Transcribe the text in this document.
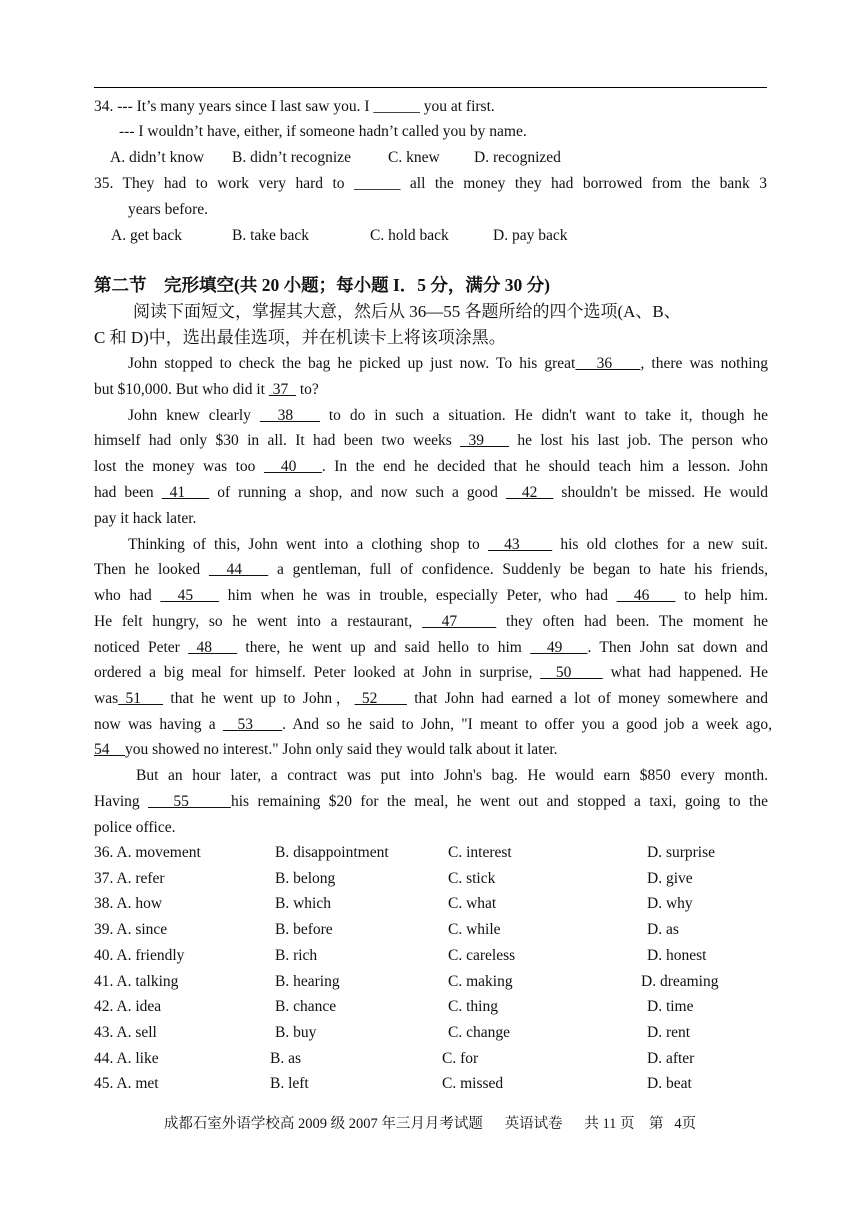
34. --- It’s many years since I last saw you. I ______ you at first.
--- I wouldn’t have, either, if someone hadn’t called you by name.
A. didn’t know B. didn’t recognize C. knew D. recognized
35. They had to work very hard to ______ all the money they had borrowed from the bank 3
years before.
A. get back	B. take back	C. hold back	D. pay back
第二节　完形填空(共 20 小题；每小题 I．5 分，满分 30 分)
阅读下面短文，掌握其大意，然后从 36—55 各题所给的四个选项(A、B、
C 和 D)中，选出最佳选项，并在机读卡上将该项涂黑。
John stopped to check the bag he picked up just now. To his great   36    , there was nothing
but $10,000. But who did it  37   to?
John knew clearly   38    to do in such a situation. He didn't want to take it, though he
himself had only $30 in all. It had been two weeks  39    he lost his last job. The person who
lost the money was too   40   . In the end he decided that he should teach him a lesson. John
had been  41    of running a shop, and now such a good   42   shouldn't be missed. He would
pay it hack later.
Thinking of this, John went into a clothing shop to   43     his old clothes for a new suit.
Then he looked   44    a gentleman, full of confidence. Suddenly be began to hate his friends,
who had   45    him when he was in trouble, especially Peter, who had   46    to help him.
He felt hungry, so he went into a restaurant,   47     they often had been. The moment he
noticed Peter  48    there, he went up and said hello to him   49   . Then John sat down and
ordered a big meal for himself. Peter looked at John in surprise,   50     what had happened. He
was 51    that he went up to John， 52     that John had earned a lot of money somewhere and
now was having a   53    . And so he said to John, "I meant to offer you a good job a week ago,
54    you showed no interest." John only said they would talk about it later.
But an hour later, a contract was put into John's bag. He would earn $850 every month.
Having    55     his remaining $20 for the meal, he went out and stopped a taxi, going to the
police office.
36. A. movement	B. disappointment	C. interest	D. surprise
37. A. refer	B. belong	C. stick	D. give
38. A. how	B. which	C. what	D. why
39. A. since	B. before	C. while	D. as
40. A. friendly	B. rich	C. careless	D. honest
41. A. talking	B. hearing	C. making	D. dreaming
42. A. idea	B. chance	C. thing	D. time
43. A. sell	B. buy	C. change	D. rent
44. A. like	B. as	C. for	D. after
45. A. met	B. left	C. missed	D. beat
成都石室外语学校高 2009 级 2007 年三月月考试题      英语试卷      共 11 页    第   4页
